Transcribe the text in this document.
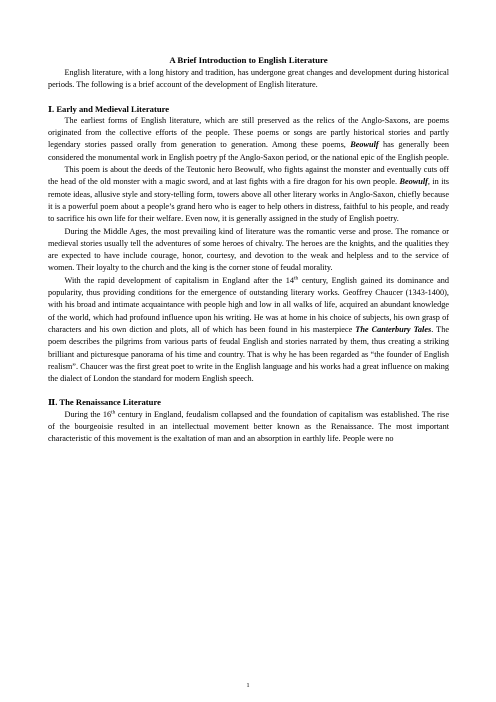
A Brief Introduction to English Literature

English literature, with a long history and tradition, has undergone great changes and development during historical periods. The following is a brief account of the development of English literature.

Ⅰ. Early and Medieval Literature

The earliest forms of English literature, which are still preserved as the relics of the Anglo-Saxons, are poems originated from the collective efforts of the people. These poems or songs are partly historical stories and partly legendary stories passed orally from generation to generation. Among these poems, Beowulf has generally been considered the monumental work in English poetry pf the Anglo-Saxon period, or the national epic of the English people.

This poem is about the deeds of the Teutonic hero Beowulf, who fights against the monster and eventually cuts off the head of the old monster with a magic sword, and at last fights with a fire dragon for his own people. Beowulf, in its remote ideas, allusive style and story-telling form, towers above all other literary works in Anglo-Saxon, chiefly because it is a powerful poem about a people’s grand hero who is eager to help others in distress, faithful to his people, and ready to sacrifice his own life for their welfare. Even now, it is generally assigned in the study of English poetry.

During the Middle Ages, the most prevailing kind of literature was the romantic verse and prose. The romance or medieval stories usually tell the adventures of some heroes of chivalry. The heroes are the knights, and the qualities they are expected to have include courage, honor, courtesy, and devotion to the weak and helpless and to the service of women. Their loyalty to the church and the king is the corner stone of feudal morality.

With the rapid development of capitalism in England after the 14th century, English gained its dominance and popularity, thus providing conditions for the emergence of outstanding literary works. Geoffrey Chaucer (1343-1400), with his broad and intimate acquaintance with people high and low in all walks of life, acquired an abundant knowledge of the world, which had profound influence upon his writing. He was at home in his choice of subjects, his own grasp of characters and his own diction and plots, all of which has been found in his masterpiece The Canterbury Tales. The poem describes the pilgrims from various parts of feudal English and stories narrated by them, thus creating a striking brilliant and picturesque panorama of his time and country. That is why he has been regarded as “the founder of English realism”. Chaucer was the first great poet to write in the English language and his works had a great influence on making the dialect of London the standard for modern English speech.

Ⅱ. The Renaissance Literature

During the 16th century in England, feudalism collapsed and the foundation of capitalism was established. The rise of the bourgeoisie resulted in an intellectual movement better known as the Renaissance. The most important characteristic of this movement is the exaltation of man and an absorption in earthly life. People were no

1
